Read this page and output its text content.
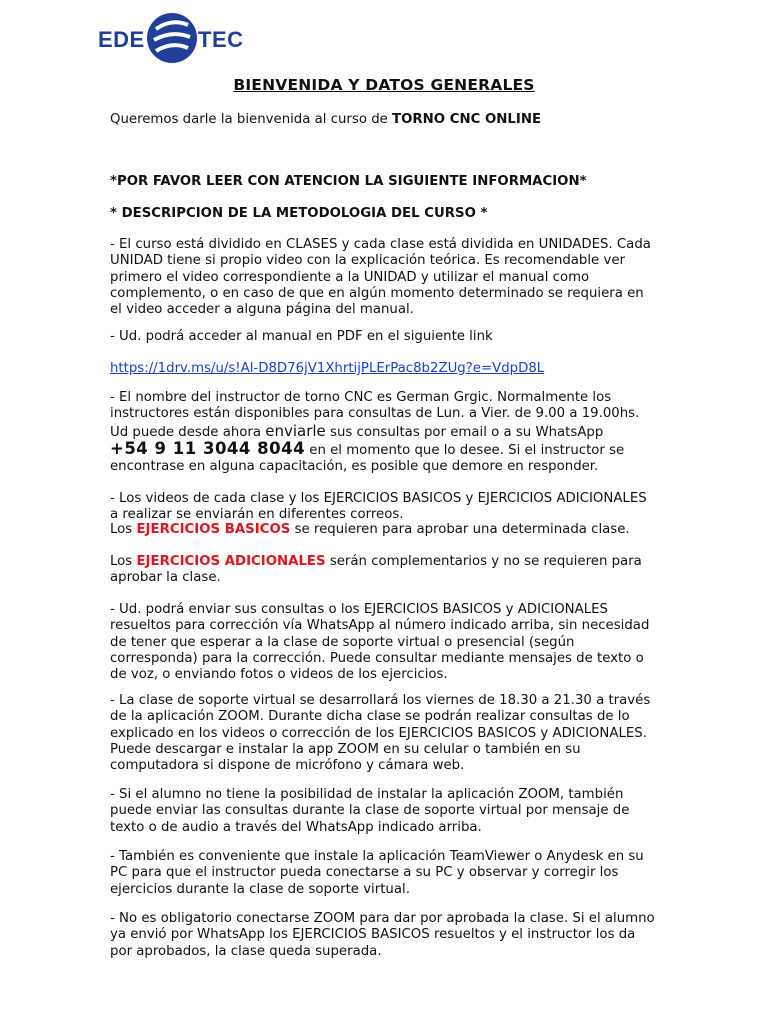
EDE TEC
BIENVENIDA Y DATOS GENERALES

Queremos darle la bienvenida al curso de TORNO CNC ONLINE

*POR FAVOR LEER CON ATENCION LA SIGUIENTE INFORMACION*

* DESCRIPCION DE LA METODOLOGIA DEL CURSO *

- El curso está dividido en CLASES y cada clase está dividida en UNIDADES. Cada UNIDAD tiene si propio video con la explicación teórica. Es recomendable ver primero el video correspondiente a la UNIDAD y utilizar el manual como complemento, o en caso de que en algún momento determinado se requiera en el video acceder a alguna página del manual.

- Ud. podrá acceder al manual en PDF en el siguiente link

https://1drv.ms/u/s!Al-D8D76jV1XhrtijPLErPac8b2ZUg?e=VdpD8L

- El nombre del instructor de torno CNC es German Grgic. Normalmente los instructores están disponibles para consultas de Lun. a Vier. de 9.00 a 19.00hs. Ud puede desde ahora enviarle sus consultas por email o a su WhatsApp
+54 9 11 3044 8044 en el momento que lo desee. Si el instructor se encontrase en alguna capacitación, es posible que demore en responder.

- Los videos de cada clase y los EJERCICIOS BASICOS y EJERCICIOS ADICIONALES a realizar se enviarán en diferentes correos.

Los EJERCICIOS BASICOS se requieren para aprobar una determinada clase.

Los EJERCICIOS ADICIONALES serán complementarios y no se requieren para aprobar la clase.

- Ud. podrá enviar sus consultas o los EJERCICIOS BASICOS y ADICIONALES resueltos para corrección vía WhatsApp al número indicado arriba, sin necesidad de tener que esperar a la clase de soporte virtual o presencial (según corresponda) para la corrección. Puede consultar mediante mensajes de texto o de voz, o enviando fotos o videos de los ejercicios.

- La clase de soporte virtual se desarrollará los viernes de 18.30 a 21.30 a través de la aplicación ZOOM. Durante dicha clase se podrán realizar consultas de lo explicado en los videos o corrección de los EJERCICIOS BASICOS y ADICIONALES. Puede descargar e instalar la app ZOOM en su celular o también en su computadora si dispone de micrófono y cámara web.

- Si el alumno no tiene la posibilidad de instalar la aplicación ZOOM, también puede enviar las consultas durante la clase de soporte virtual por mensaje de texto o de audio a través del WhatsApp indicado arriba.

- También es conveniente que instale la aplicación TeamViewer o Anydesk en su PC para que el instructor pueda conectarse a su PC y observar y corregir los ejercicios durante la clase de soporte virtual.

- No es obligatorio conectarse ZOOM para dar por aprobada la clase. Si el alumno ya envió por WhatsApp los EJERCICIOS BASICOS resueltos y el instructor los da por aprobados, la clase queda superada.
